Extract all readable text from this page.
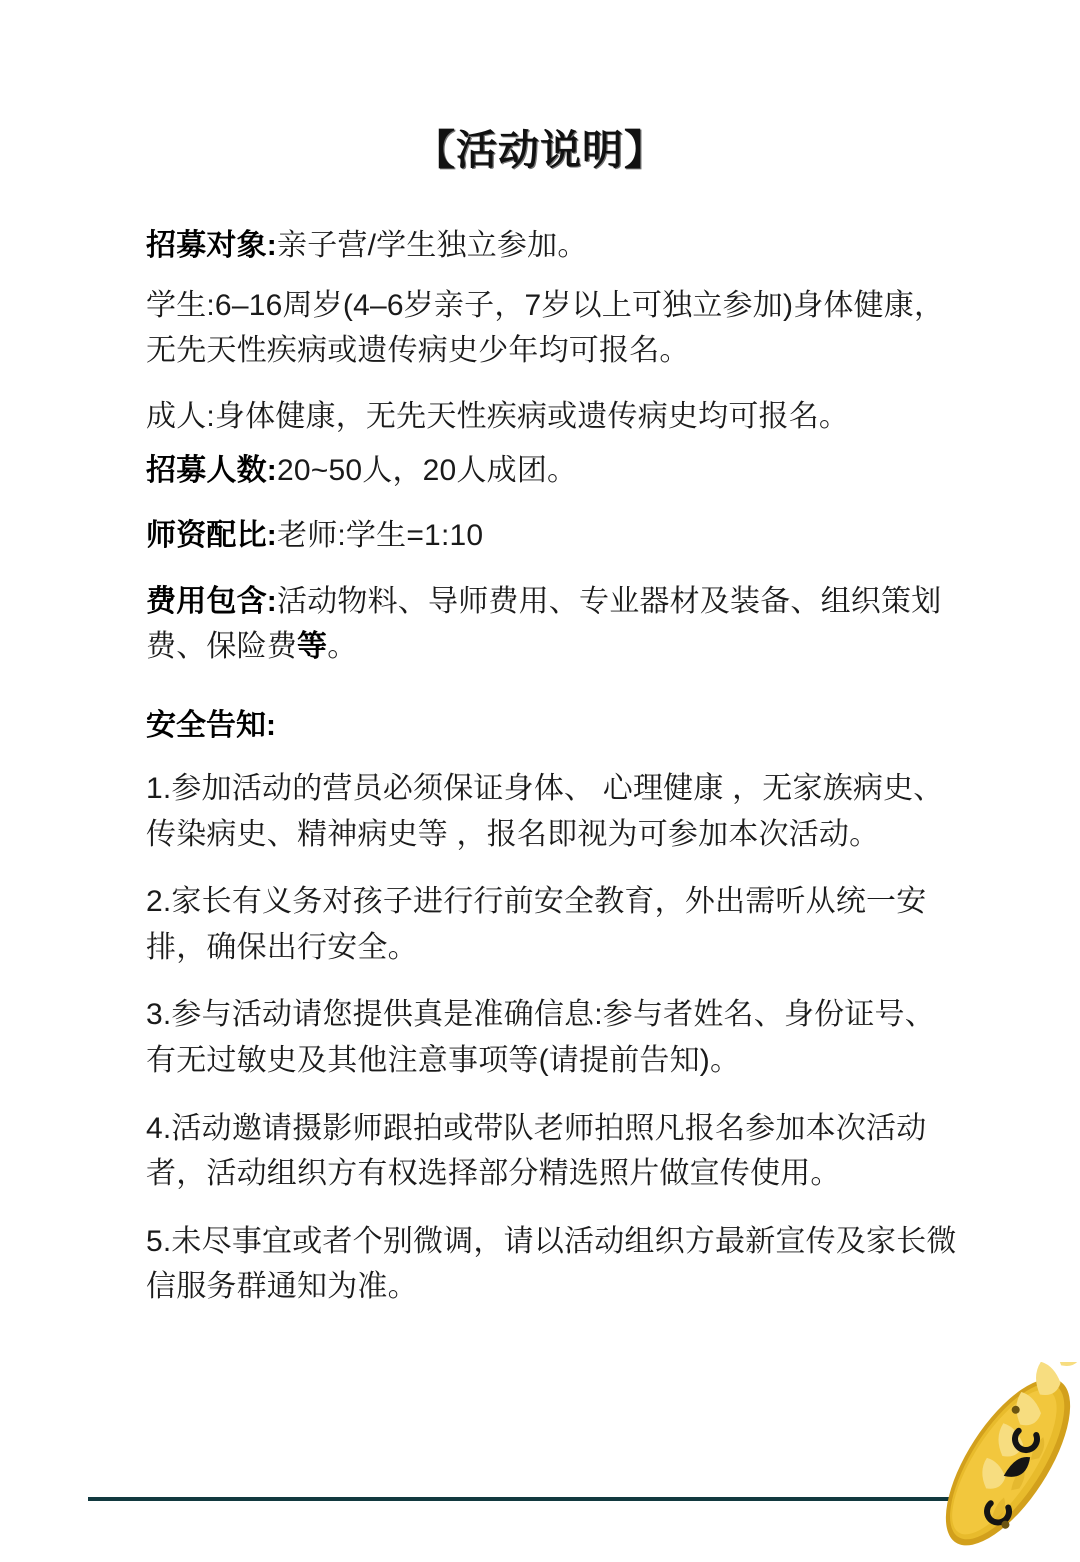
【活动说明】

招募对象:亲子营/学生独立参加。

学生:6–16周岁(4–6岁亲子，7岁以上可独立参加)身体健康，无先天性疾病或遗传病史少年均可报名。

成人:身体健康，无先天性疾病或遗传病史均可报名。

招募人数:20~50人，20人成团。

师资配比:老师:学生=1:10

费用包含:活动物料、导师费用、专业器材及装备、组织策划费、保险费等。

安全告知:

1.参加活动的营员必须保证身体、 心理健康 ，无家族病史、传染病史、精神病史等 ，报名即视为可参加本次活动。

2.家长有义务对孩子进行行前安全教育，外出需听从统一安排，确保出行安全。

3.参与活动请您提供真是准确信息:参与者姓名、身份证号、有无过敏史及其他注意事项等(请提前告知)。

4.活动邀请摄影师跟拍或带队老师拍照凡报名参加本次活动者，活动组织方有权选择部分精选照片做宣传使用。

5.未尽事宜或者个别微调，请以活动组织方最新宣传及家长微信服务群通知为准。
